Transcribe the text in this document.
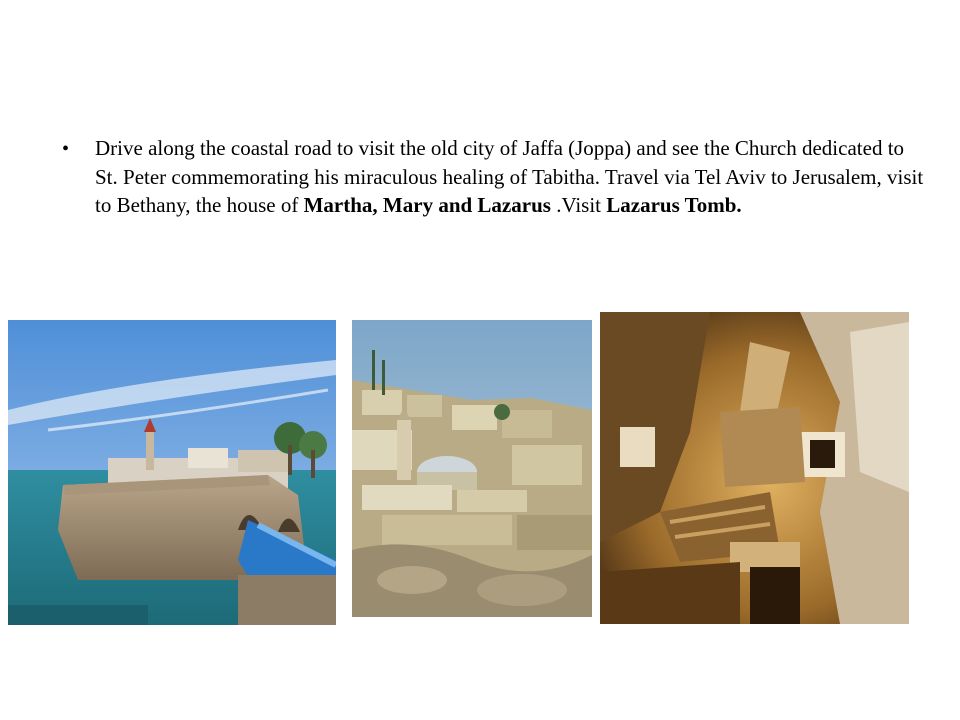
• Drive along the coastal road to visit the old city of Jaffa (Joppa) and see the Church dedicated to St. Peter commemorating his miraculous healing of Tabitha. Travel via Tel Aviv to Jerusalem, visit to Bethany, the house of Martha, Mary and Lazarus .Visit Lazarus Tomb.
